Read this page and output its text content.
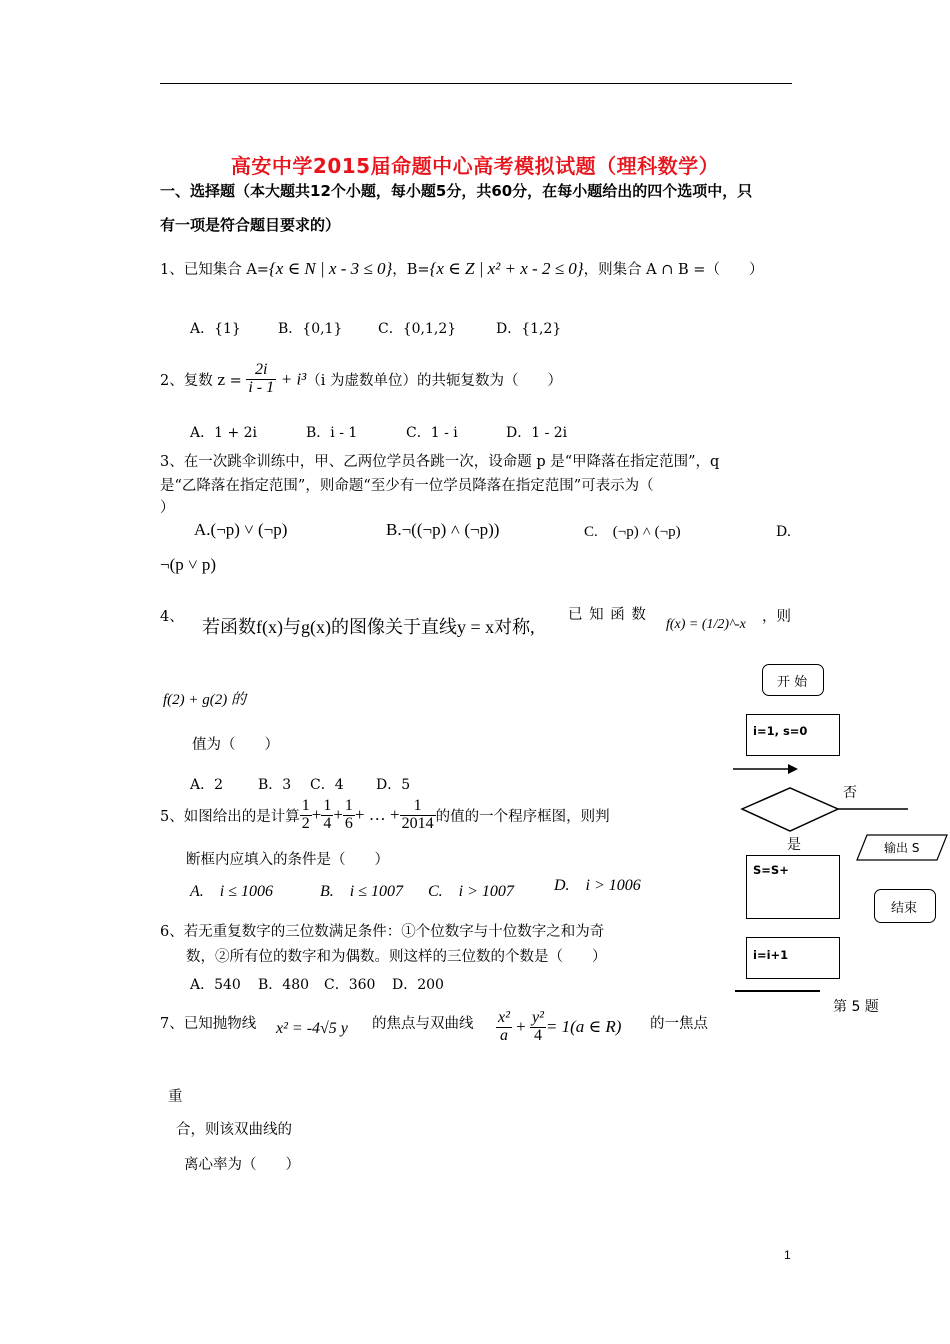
高安中学2015届命题中心高考模拟试题（理科数学）
一、选择题（本大题共12个小题，每小题5分，共60分，在每小题给出的四个选项中，只
有一项是符合题目要求的）
1、已知集合 A={x ∈ N | x - 3 ≤ 0}，B={x ∈ Z | x² + x - 2 ≤ 0}，则集合 A ∩ B =（　　）
A．{1}	B．{0,1}	C．{0,1,2}	D．{1,2}
2、复数 $z = \frac{2i}{i - 1} + i^3(i$ 为虚数单位）的共轭复数为（　　）
A．1 + 2i	B．i - 1	C．1 - i	D．1 - 2i
3、在一次跳伞训练中，甲、乙两位学员各跳一次，设命题 p 是“甲降落在指定范围”，q
是“乙降落在指定范围”，则命题“至少有一位学员降落在指定范围”可表示为（
）
A.(¬p) ˅ (¬p)	B.¬((¬p) ˄ (¬p))	C.　(¬p) ˄ (¬p)	D.
¬(p ˅ p)
4、 若函数f(x)与g(x)的图像关于直线y = x对称,
已 知 函 数
f(x) = (1/2)^-x ，则
f(2) + g(2) 的
值为（　　）
A．2 B．3 C．4 D．5
5、如图给出的是计算 $\frac{1}{2} + \frac{1}{4} + \frac{1}{6}$ + … + $\frac{1}{2014}$ 的值的一个程序框图，则判
断框内应填入的条件是（　　）
A.　i ≤ 1006	B.　i ≤ 1007 C.　i > 1007	D.　i > 1006
6、若无重复数字的三位数满足条件：①个位数字与十位数字之和为奇
数，②所有位的数字和为偶数。则这样的三位数的个数是（　　）
A．540 B．480 C．360 D．200
7、已知抛物线 x² = -4√5 y 的焦点与双曲线 $\frac{\text{x²}}{a} + \frac{\text{y²}}{4} = 1(a$ ∈ R) 的一焦点
重
合，则该双曲线的
离心率为（　　）
开 始
i=1, s=0
否
是	输出 S
S=S+
结束
i=i+1
第 5 题
1
